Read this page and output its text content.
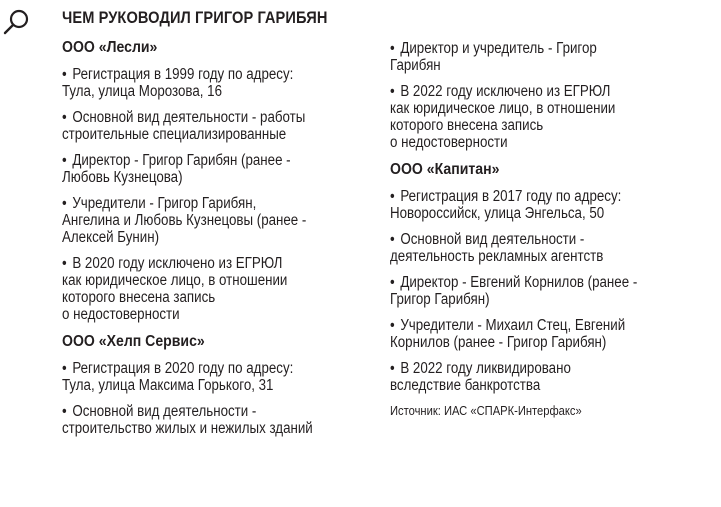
ЧЕМ РУКОВОДИЛ ГРИГОР ГАРИБЯН
ООО «Лесли»
• Регистрация в 1999 году по адресу:
Тула, улица Морозова, 16
• Основной вид деятельности - работы
строительные специализированные
• Директор - Григор Гарибян (ранее -
Любовь Кузнецова)
• Учредители - Григор Гарибян,
Ангелина и Любовь Кузнецовы (ранее -
Алексей Бунин)
• В 2020 году исключено из ЕГРЮЛ
как юридическое лицо, в отношении
которого внесена запись
о недостоверности
ООО «Хелп Сервис»
• Регистрация в 2020 году по адресу:
Тула, улица Максима Горького, 31
• Основной вид деятельности -
строительство жилых и нежилых зданий
• Директор и учредитель - Григор
Гарибян
• В 2022 году исключено из ЕГРЮЛ
как юридическое лицо, в отношении
которого внесена запись
о недостоверности
ООО «Капитан»
• Регистрация в 2017 году по адресу:
Новороссийск, улица Энгельса, 50
• Основной вид деятельности -
деятельность рекламных агентств
• Директор - Евгений Корнилов (ранее -
Григор Гарибян)
• Учредители - Михаил Стец, Евгений
Корнилов (ранее - Григор Гарибян)
• В 2022 году ликвидировано
вследствие банкротства
Источник: ИАС «СПАРК-Интерфакс»
